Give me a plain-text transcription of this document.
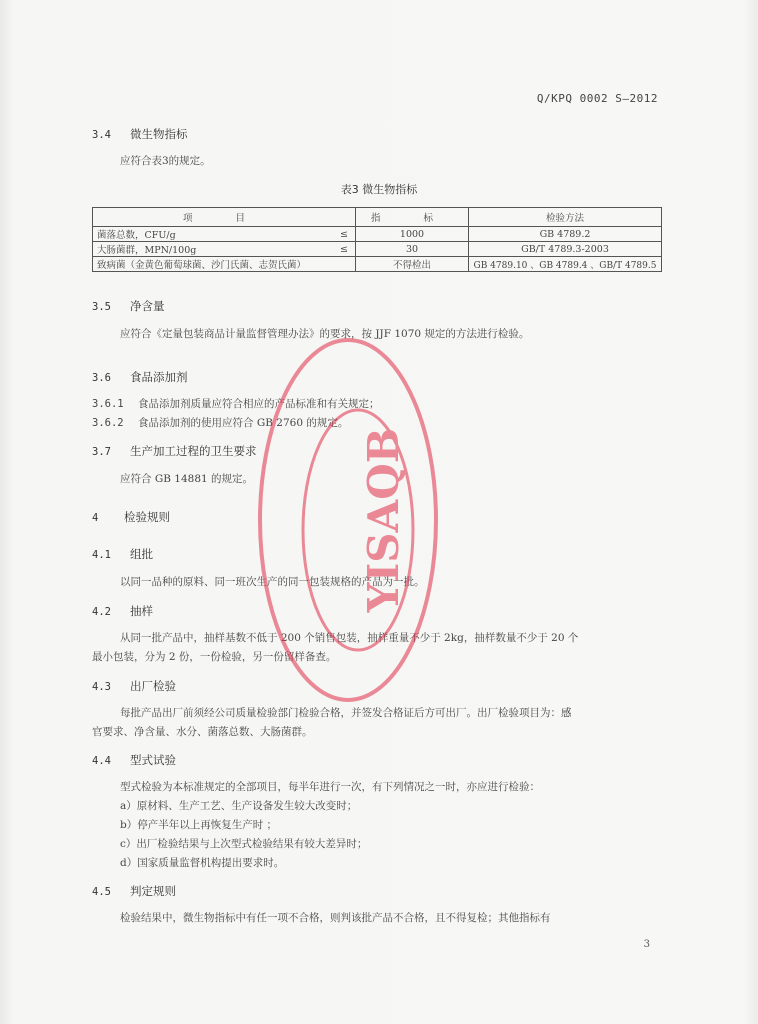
Q/KPQ 0002 S—2012
3.4 微生物指标
应符合表3的规定。
表3 微生物指标
项 目		指 标	检验方法
菌落总数，CFU/g	≤	1000	GB 4789.2
大肠菌群，MPN/100g	≤	30	GB/T 4789.3-2003
致病菌（金黄色葡萄球菌、沙门氏菌、志贺氏菌）		不得检出	GB 4789.10 、GB 4789.4 、GB/T 4789.5
3.5 净含量
应符合《定量包装商品计量监督管理办法》的要求，按 JJF 1070 规定的方法进行检验。
3.6 食品添加剂
3.6.1 食品添加剂质量应符合相应的产品标准和有关规定；
3.6.2 食品添加剂的使用应符合 GB 2760 的规定。
3.7 生产加工过程的卫生要求
应符合 GB 14881 的规定。
4 检验规则
4.1 组批
以同一品种的原料、同一班次生产的同一包装规格的产品为一批。
4.2 抽样
从同一批产品中，抽样基数不低于 200 个销售包装，抽样重量不少于 2kg，抽样数量不少于 20 个
最小包装，分为 2 份，一份检验，另一份留样备查。
4.3 出厂检验
每批产品出厂前须经公司质量检验部门检验合格，并签发合格证后方可出厂。出厂检验项目为：感
官要求、净含量、水分、菌落总数、大肠菌群。
4.4 型式试验
型式检验为本标准规定的全部项目，每半年进行一次，有下列情况之一时，亦应进行检验：
a）原材料、生产工艺、生产设备发生较大改变时；
b）停产半年以上再恢复生产时 ；
c）出厂检验结果与上次型式检验结果有较大差异时；
d）国家质量监督机构提出要求时。
4.5 判定规则
检验结果中，微生物指标中有任一项不合格，则判该批产品不合格，且不得复检；其他指标有
3
YISAQB
